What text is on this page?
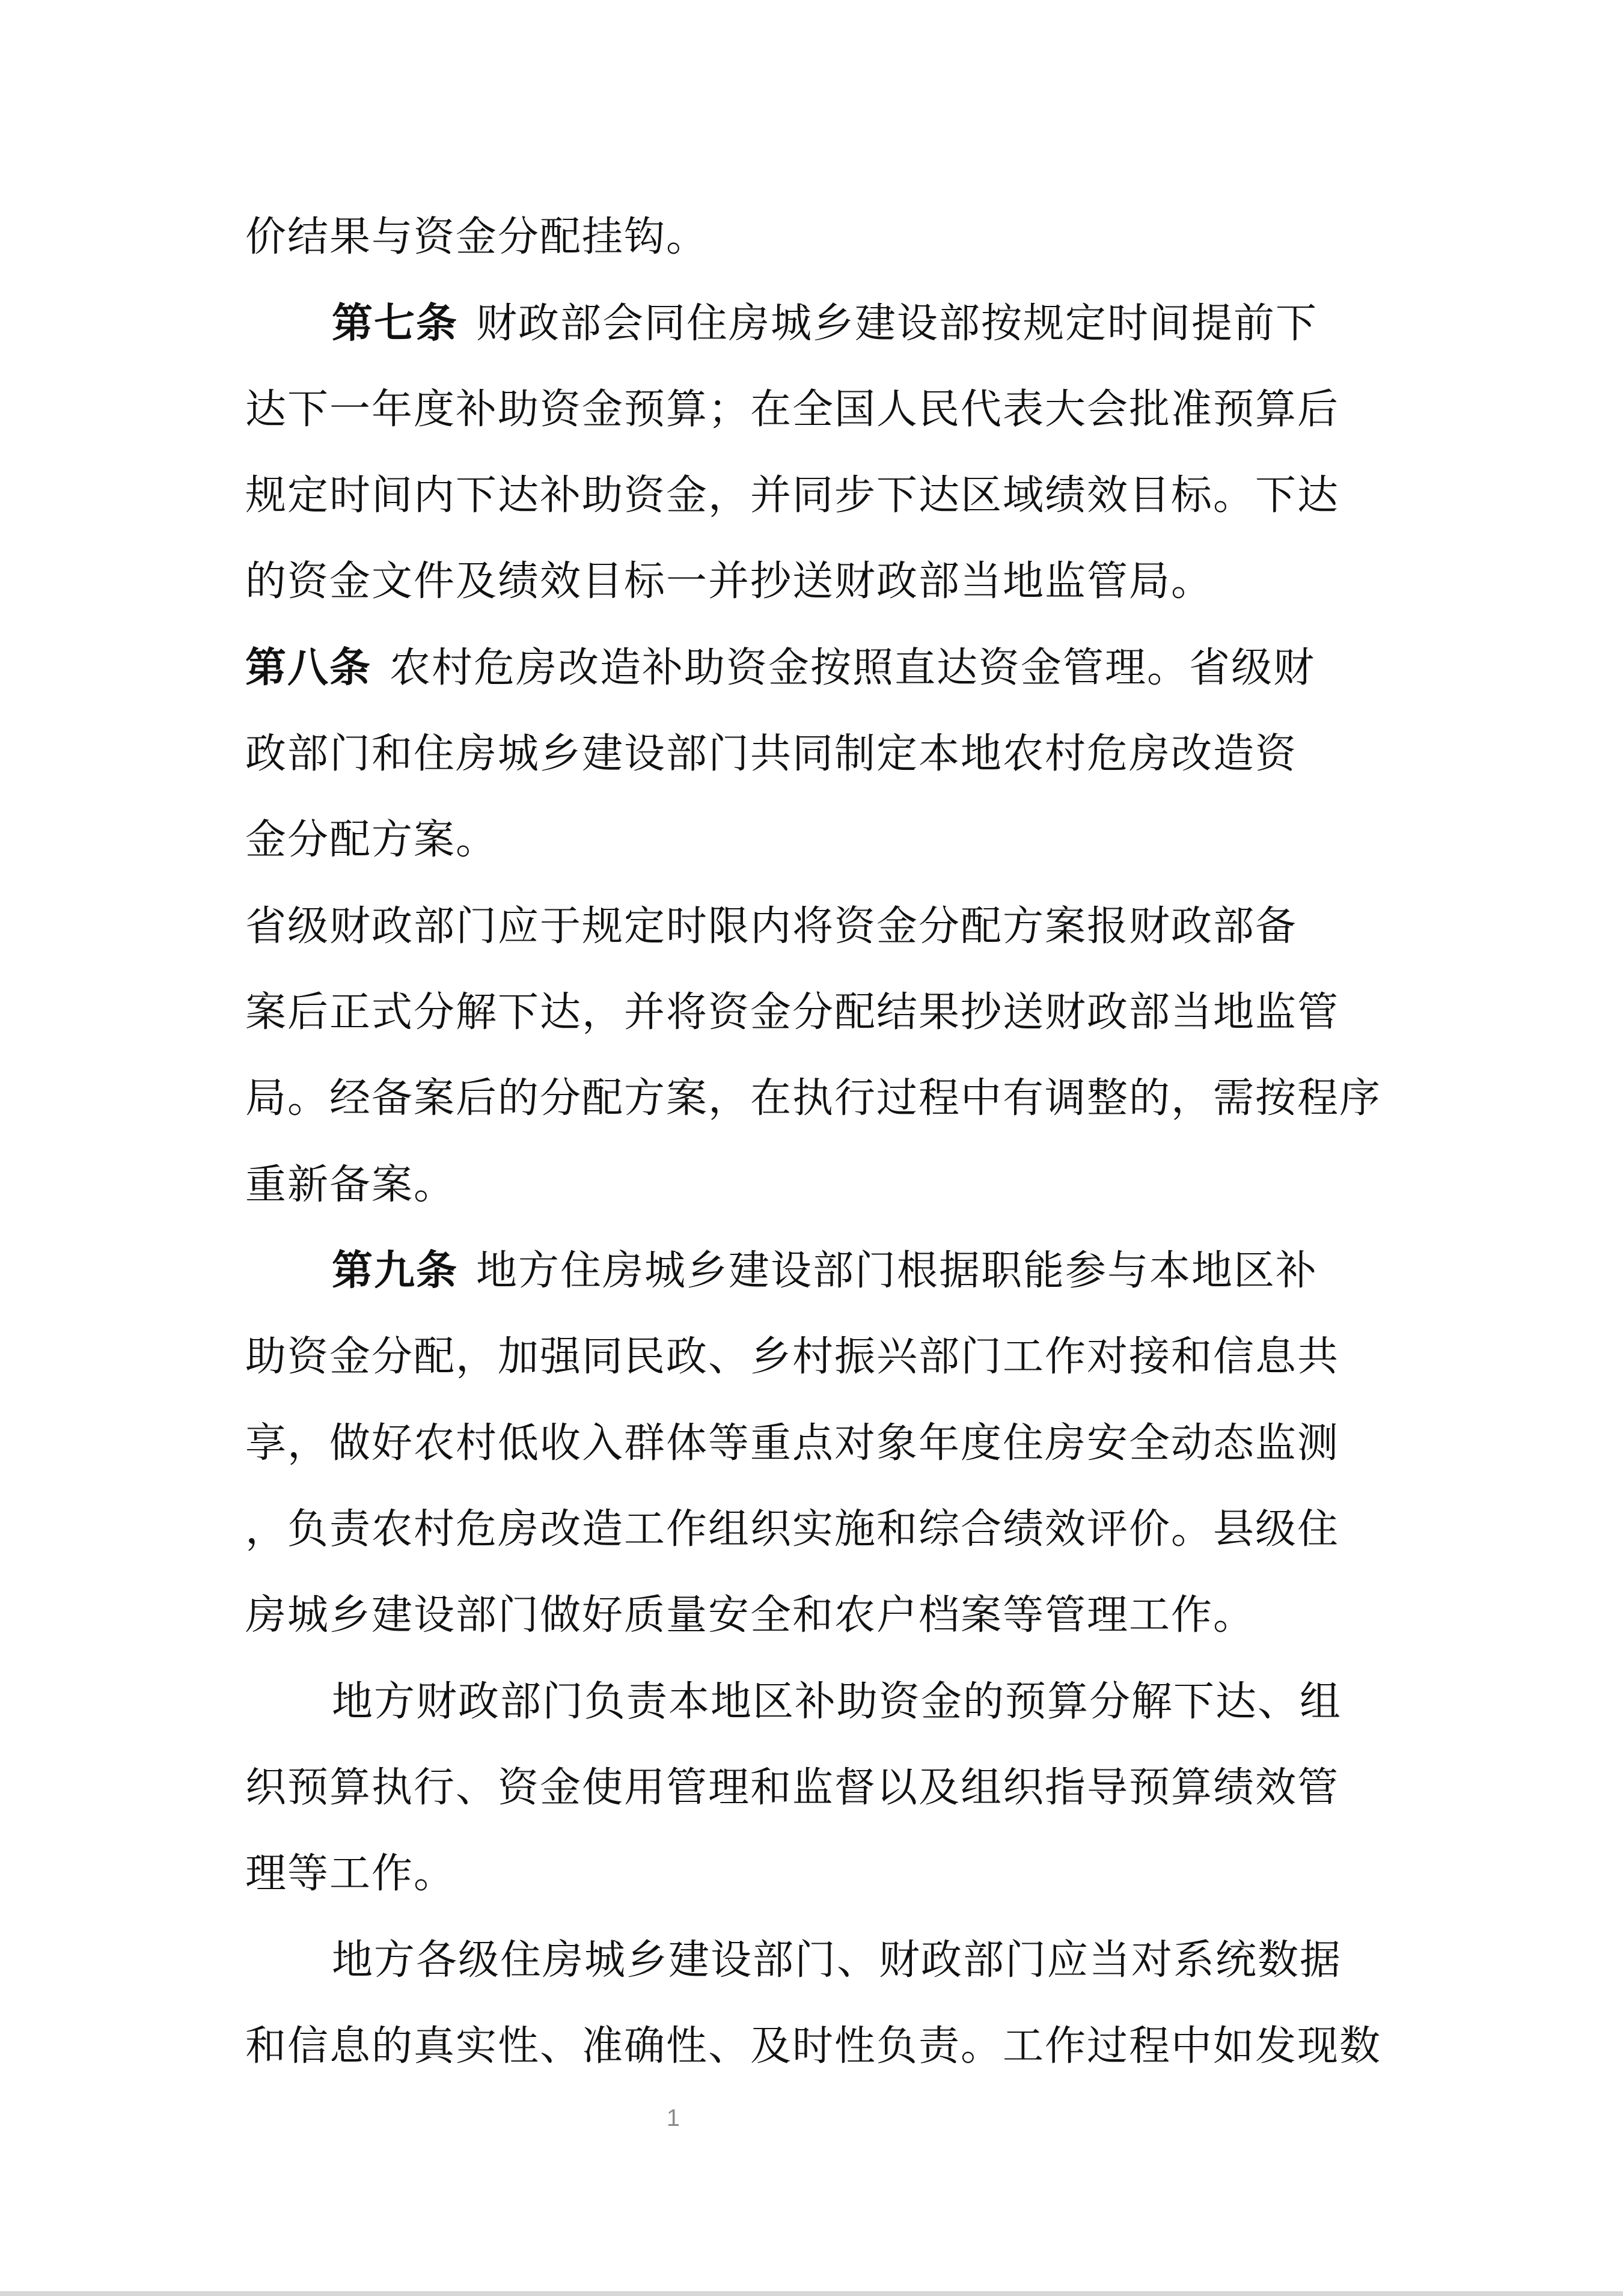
价结果与资金分配挂钩。
第七条 财政部会同住房城乡建设部按规定时间提前下
达下一年度补助资金预算；在全国人民代表大会批准预算后
规定时间内下达补助资金，并同步下达区域绩效目标。下达
的资金文件及绩效目标一并抄送财政部当地监管局。
第八条 农村危房改造补助资金按照直达资金管理。省级财
政部门和住房城乡建设部门共同制定本地农村危房改造资
金分配方案。
省级财政部门应于规定时限内将资金分配方案报财政部备
案后正式分解下达，并将资金分配结果抄送财政部当地监管
局。经备案后的分配方案，在执行过程中有调整的，需按程序
重新备案。
第九条 地方住房城乡建设部门根据职能参与本地区补
助资金分配，加强同民政、乡村振兴部门工作对接和信息共
享，做好农村低收入群体等重点对象年度住房安全动态监测
，负责农村危房改造工作组织实施和综合绩效评价。县级住
房城乡建设部门做好质量安全和农户档案等管理工作。
地方财政部门负责本地区补助资金的预算分解下达、组
织预算执行、资金使用管理和监督以及组织指导预算绩效管
理等工作。
地方各级住房城乡建设部门、财政部门应当对系统数据
和信息的真实性、准确性、及时性负责。工作过程中如发现数
1
